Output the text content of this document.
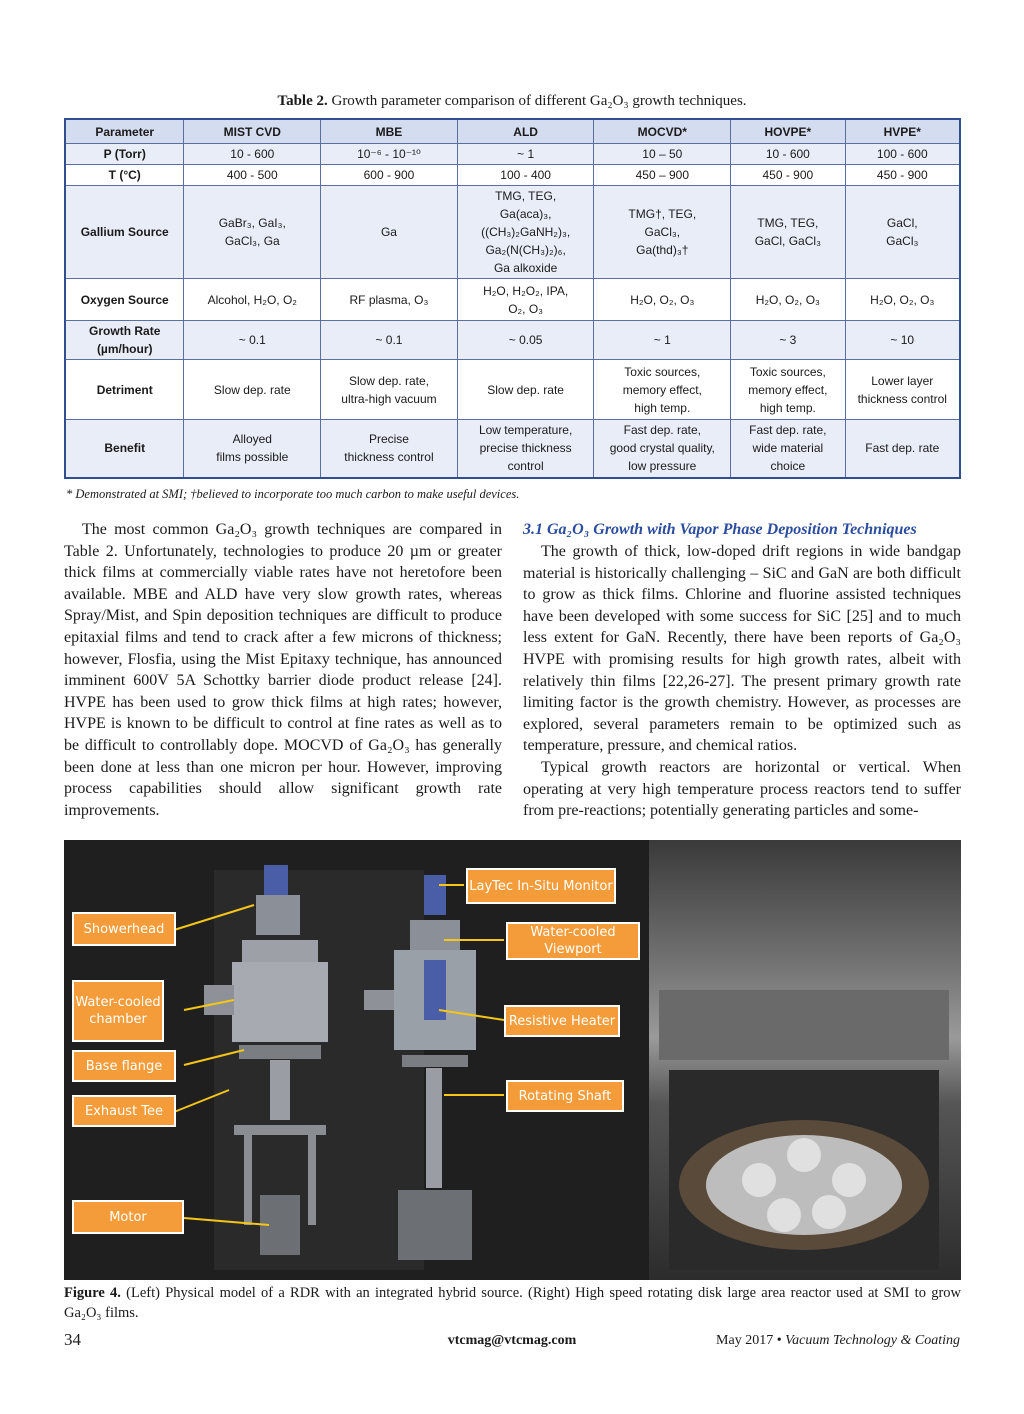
Table 2. Growth parameter comparison of different Ga₂O₃ growth techniques.
Parameter	MIST CVD	MBE	ALD	MOCVD*	HOVPE*	HVPE*
P (Torr)	10 - 600	10⁻⁶ - 10⁻¹⁰	~ 1	10 – 50	10 - 600	100 - 600
T (°C)	400 - 500	600 - 900	100 - 400	450 – 900	450 - 900	450 - 900
Gallium Source	GaBr₃, GaI₃,
GaCl₃, Ga	Ga	TMG, TEG,
Ga(aca)₃,
((CH₃)₂GaNH₂)₃,
Ga₂(N(CH₃)₂)₆,
Ga alkoxide	TMG†, TEG,
GaCl₃,
Ga(thd)₃†	TMG, TEG,
GaCl, GaCl₃	GaCl,
GaCl₃

Oxygen Source	Alcohol, H₂O, O₂	RF plasma, O₃	H₂O, H₂O₂, IPA,
O₂, O₃	H₂O, O₂, O₃	H₂O, O₂, O₃	H₂O, O₂, O₃

Growth Rate (µm/hour)	~ 0.1	~ 0.1	~ 0.05	~ 1	~ 3	~ 10
Detriment	Slow dep. rate	Slow dep. rate,
ultra-high vacuum	Slow dep. rate	Toxic sources,
memory effect,
high temp.	Toxic sources,
memory effect,
high temp.	Lower layer
thickness control

Benefit	Alloyed
films possible	Precise
thickness control	Low temperature,
precise thickness
control	Fast dep. rate,
good crystal quality,
low pressure	Fast dep. rate,
wide material
choice	Fast dep. rate
* Demonstrated at SMI; †believed to incorporate too much carbon to make useful devices.

The most common Ga₂O₃ growth techniques are compared in Table 2. Unfortunately, technologies to produce 20 µm or greater thick films at commercially viable rates have not heretofore been available. MBE and ALD have very slow growth rates, whereas Spray/Mist, and Spin deposition techniques are difficult to produce epitaxial films and tend to crack after a few microns of thickness; however, Flosfia, using the Mist Epitaxy technique, has announced imminent 600V 5A Schottky barrier diode product release [24]. HVPE has been used to grow thick films at high rates; however, HVPE is known to be difficult to control at fine rates as well as to be difficult to controllably dope. MOCVD of Ga₂O₃ has generally been done at less than one micron per hour. However, improving process capabilities should allow significant growth rate improvements.

3.1 Ga₂O₃ Growth with Vapor Phase Deposition Techniques

The growth of thick, low-doped drift regions in wide bandgap material is historically challenging – SiC and GaN are both difficult to grow as thick films. Chlorine and fluorine assisted techniques have been developed with some success for SiC [25] and to much less extent for GaN. Recently, there have been reports of Ga₂O₃ HVPE with promising results for high growth rates, albeit with relatively thin films [22,26-27]. The present primary growth rate limiting factor is the growth chemistry. However, as processes are explored, several parameters remain to be optimized such as temperature, pressure, and chemical ratios.

Typical growth reactors are horizontal or vertical. When operating at very high temperature process reactors tend to suffer from pre-reactions; potentially generating particles and some-

Showerhead
Water-cooled chamber
Base flange
Exhaust Tee
Motor
LayTec In-Situ Monitor
Water-cooled Viewport
Resistive Heater
Rotating Shaft
Figure 4. (Left) Physical model of a RDR with an integrated hybrid source. (Right) High speed rotating disk large area reactor used at SMI to grow Ga₂O₃ films.
34	vtcmag@vtcmag.com	May 2017 • Vacuum Technology & Coating
